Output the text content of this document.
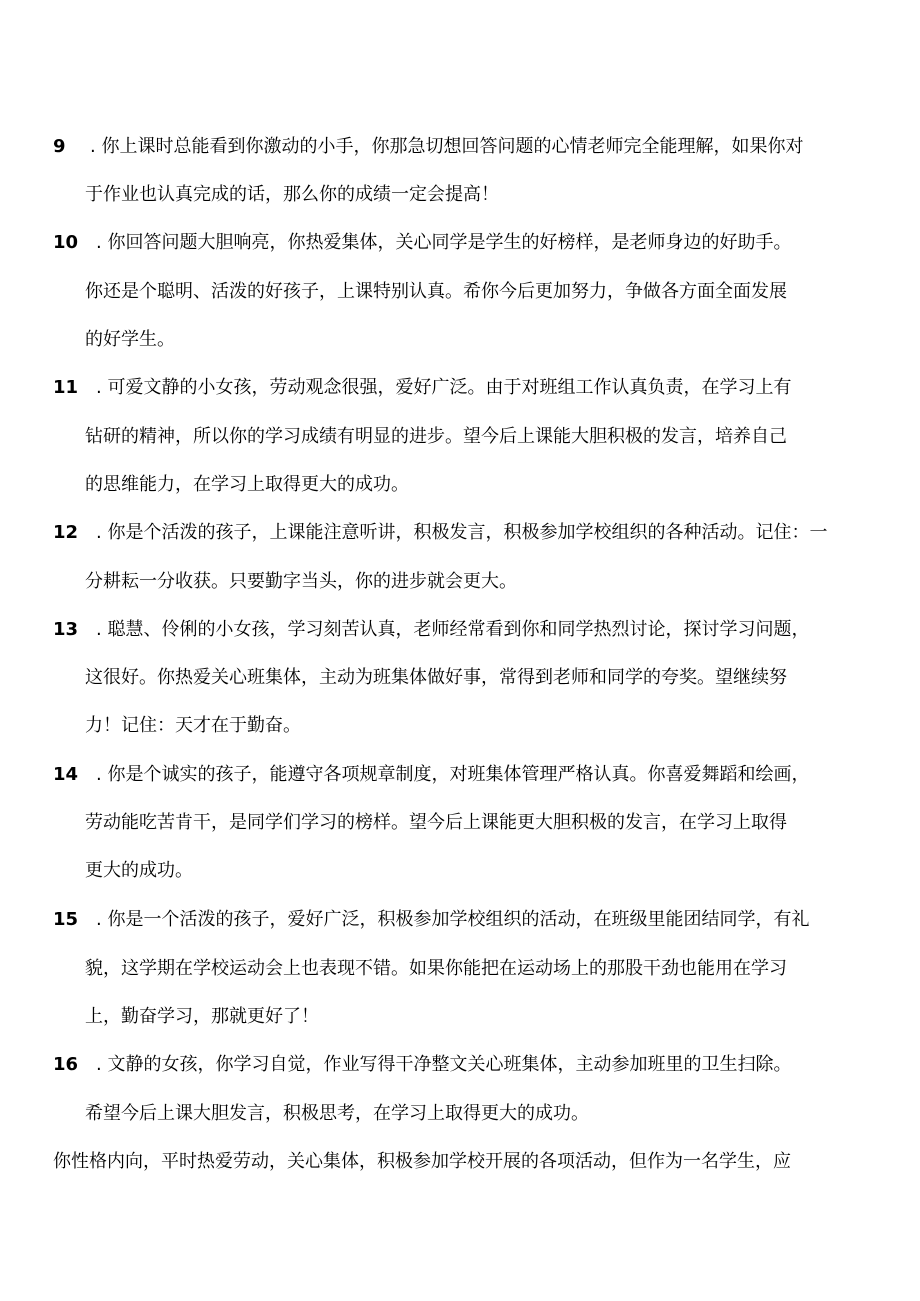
9 . 你上课时总能看到你激动的小手，你那急切想回答问题的心情老师完全能理解，如果你对
于作业也认真完成的话，那么你的成绩一定会提高！
10 . 你回答问题大胆响亮，你热爱集体，关心同学是学生的好榜样，是老师身边的好助手。
你还是个聪明、活泼的好孩子，上课特别认真。希你今后更加努力，争做各方面全面发展
的好学生。
11 . 可爱文静的小女孩，劳动观念很强，爱好广泛。由于对班组工作认真负责，在学习上有
钻研的精神，所以你的学习成绩有明显的进步。望今后上课能大胆积极的发言，培养自己
的思维能力，在学习上取得更大的成功。
12 . 你是个活泼的孩子，上课能注意听讲，积极发言，积极参加学校组织的各种活动。记住：一
分耕耘一分收获。只要勤字当头，你的进步就会更大。
13 . 聪慧、伶俐的小女孩，学习刻苦认真，老师经常看到你和同学热烈讨论，探讨学习问题，
这很好。你热爱关心班集体，主动为班集体做好事，常得到老师和同学的夸奖。望继续努
力！记住：天才在于勤奋。
14 . 你是个诚实的孩子，能遵守各项规章制度，对班集体管理严格认真。你喜爱舞蹈和绘画，
劳动能吃苦肯干，是同学们学习的榜样。望今后上课能更大胆积极的发言，在学习上取得
更大的成功。
15 . 你是一个活泼的孩子，爱好广泛，积极参加学校组织的活动，在班级里能团结同学，有礼
貌，这学期在学校运动会上也表现不错。如果你能把在运动场上的那股干劲也能用在学习
上，勤奋学习，那就更好了！
16 . 文静的女孩，你学习自觉，作业写得干净整文关心班集体，主动参加班里的卫生扫除。
希望今后上课大胆发言，积极思考，在学习上取得更大的成功。
你性格内向，平时热爱劳动，关心集体，积极参加学校开展的各项活动，但作为一名学生，应
